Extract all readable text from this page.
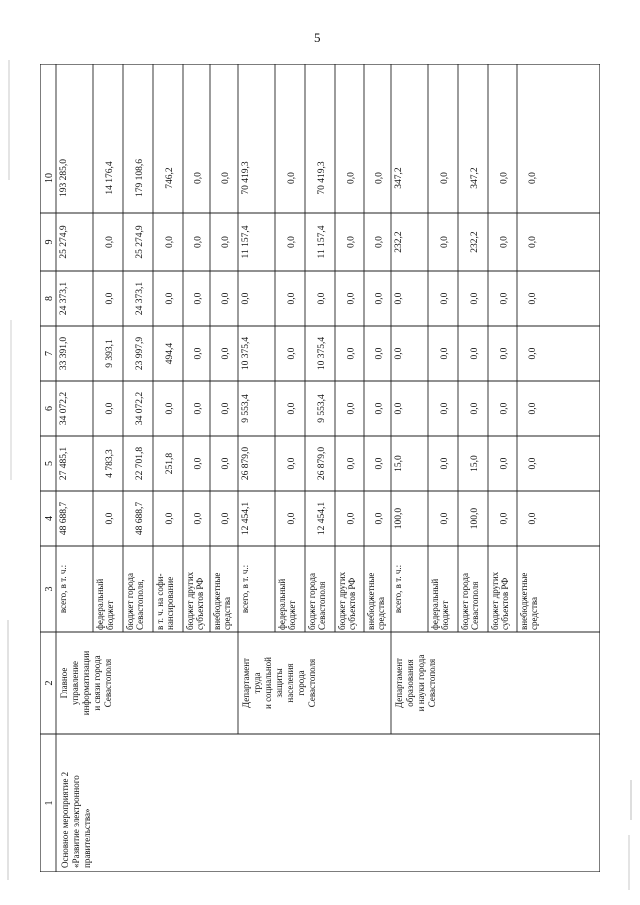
5
1
2
3
4
5
6
7
8
9
10
Основное мероприятие 2 «Развитие электронного правительства»
Главное управление информатизации и связи города Севастополя
всего, в т. ч.:
48 688,7
27 485,1
34 072,2
33 391,0
24 373,1
25 274,9
193 285,0
федеральный бюджет
0,0
4 783,3
0,0
9 393,1
0,0
0,0
14 176,4
бюджет города Севастополя,
48 688,7
22 701,8
34 072,2
23 997,9
24 373,1
25 274,9
179 108,6
в т. ч. на софи- нансирование
0,0
251,8
0,0
494,4
0,0
0,0
746,2
бюджет других субъектов РФ
0,0
0,0
0,0
0,0
0,0
0,0
0,0
внебюджетные средства
0,0
0,0
0,0
0,0
0,0
0,0
0,0
Департамент труда и социальной защиты населения города Севастополя
всего, в т. ч.:
12 454,1
26 879,0
9 553,4
10 375,4
0,0
11 157,4
70 419,3
федеральный бюджет
0,0
0,0
0,0
0,0
0,0
0,0
0,0
бюджет города Севастополя
12 454,1
26 879,0
9 553,4
10 375,4
0,0
11 157,4
70 419,3
бюджет других субъектов РФ
0,0
0,0
0,0
0,0
0,0
0,0
0,0
внебюджетные средства
0,0
0,0
0,0
0,0
0,0
0,0
0,0
Департамент образования и науки города Севастополя
всего, в т. ч.:
100,0
15,0
0,0
0,0
0,0
232,2
347,2
федеральный бюджет
0,0
0,0
0,0
0,0
0,0
0,0
0,0
бюджет города Севастополя
100,0
15,0
0,0
0,0
0,0
232,2
347,2
бюджет других субъектов РФ
0,0
0,0
0,0
0,0
0,0
0,0
0,0
внебюджетные средства
0,0
0,0
0,0
0,0
0,0
0,0
0,0
